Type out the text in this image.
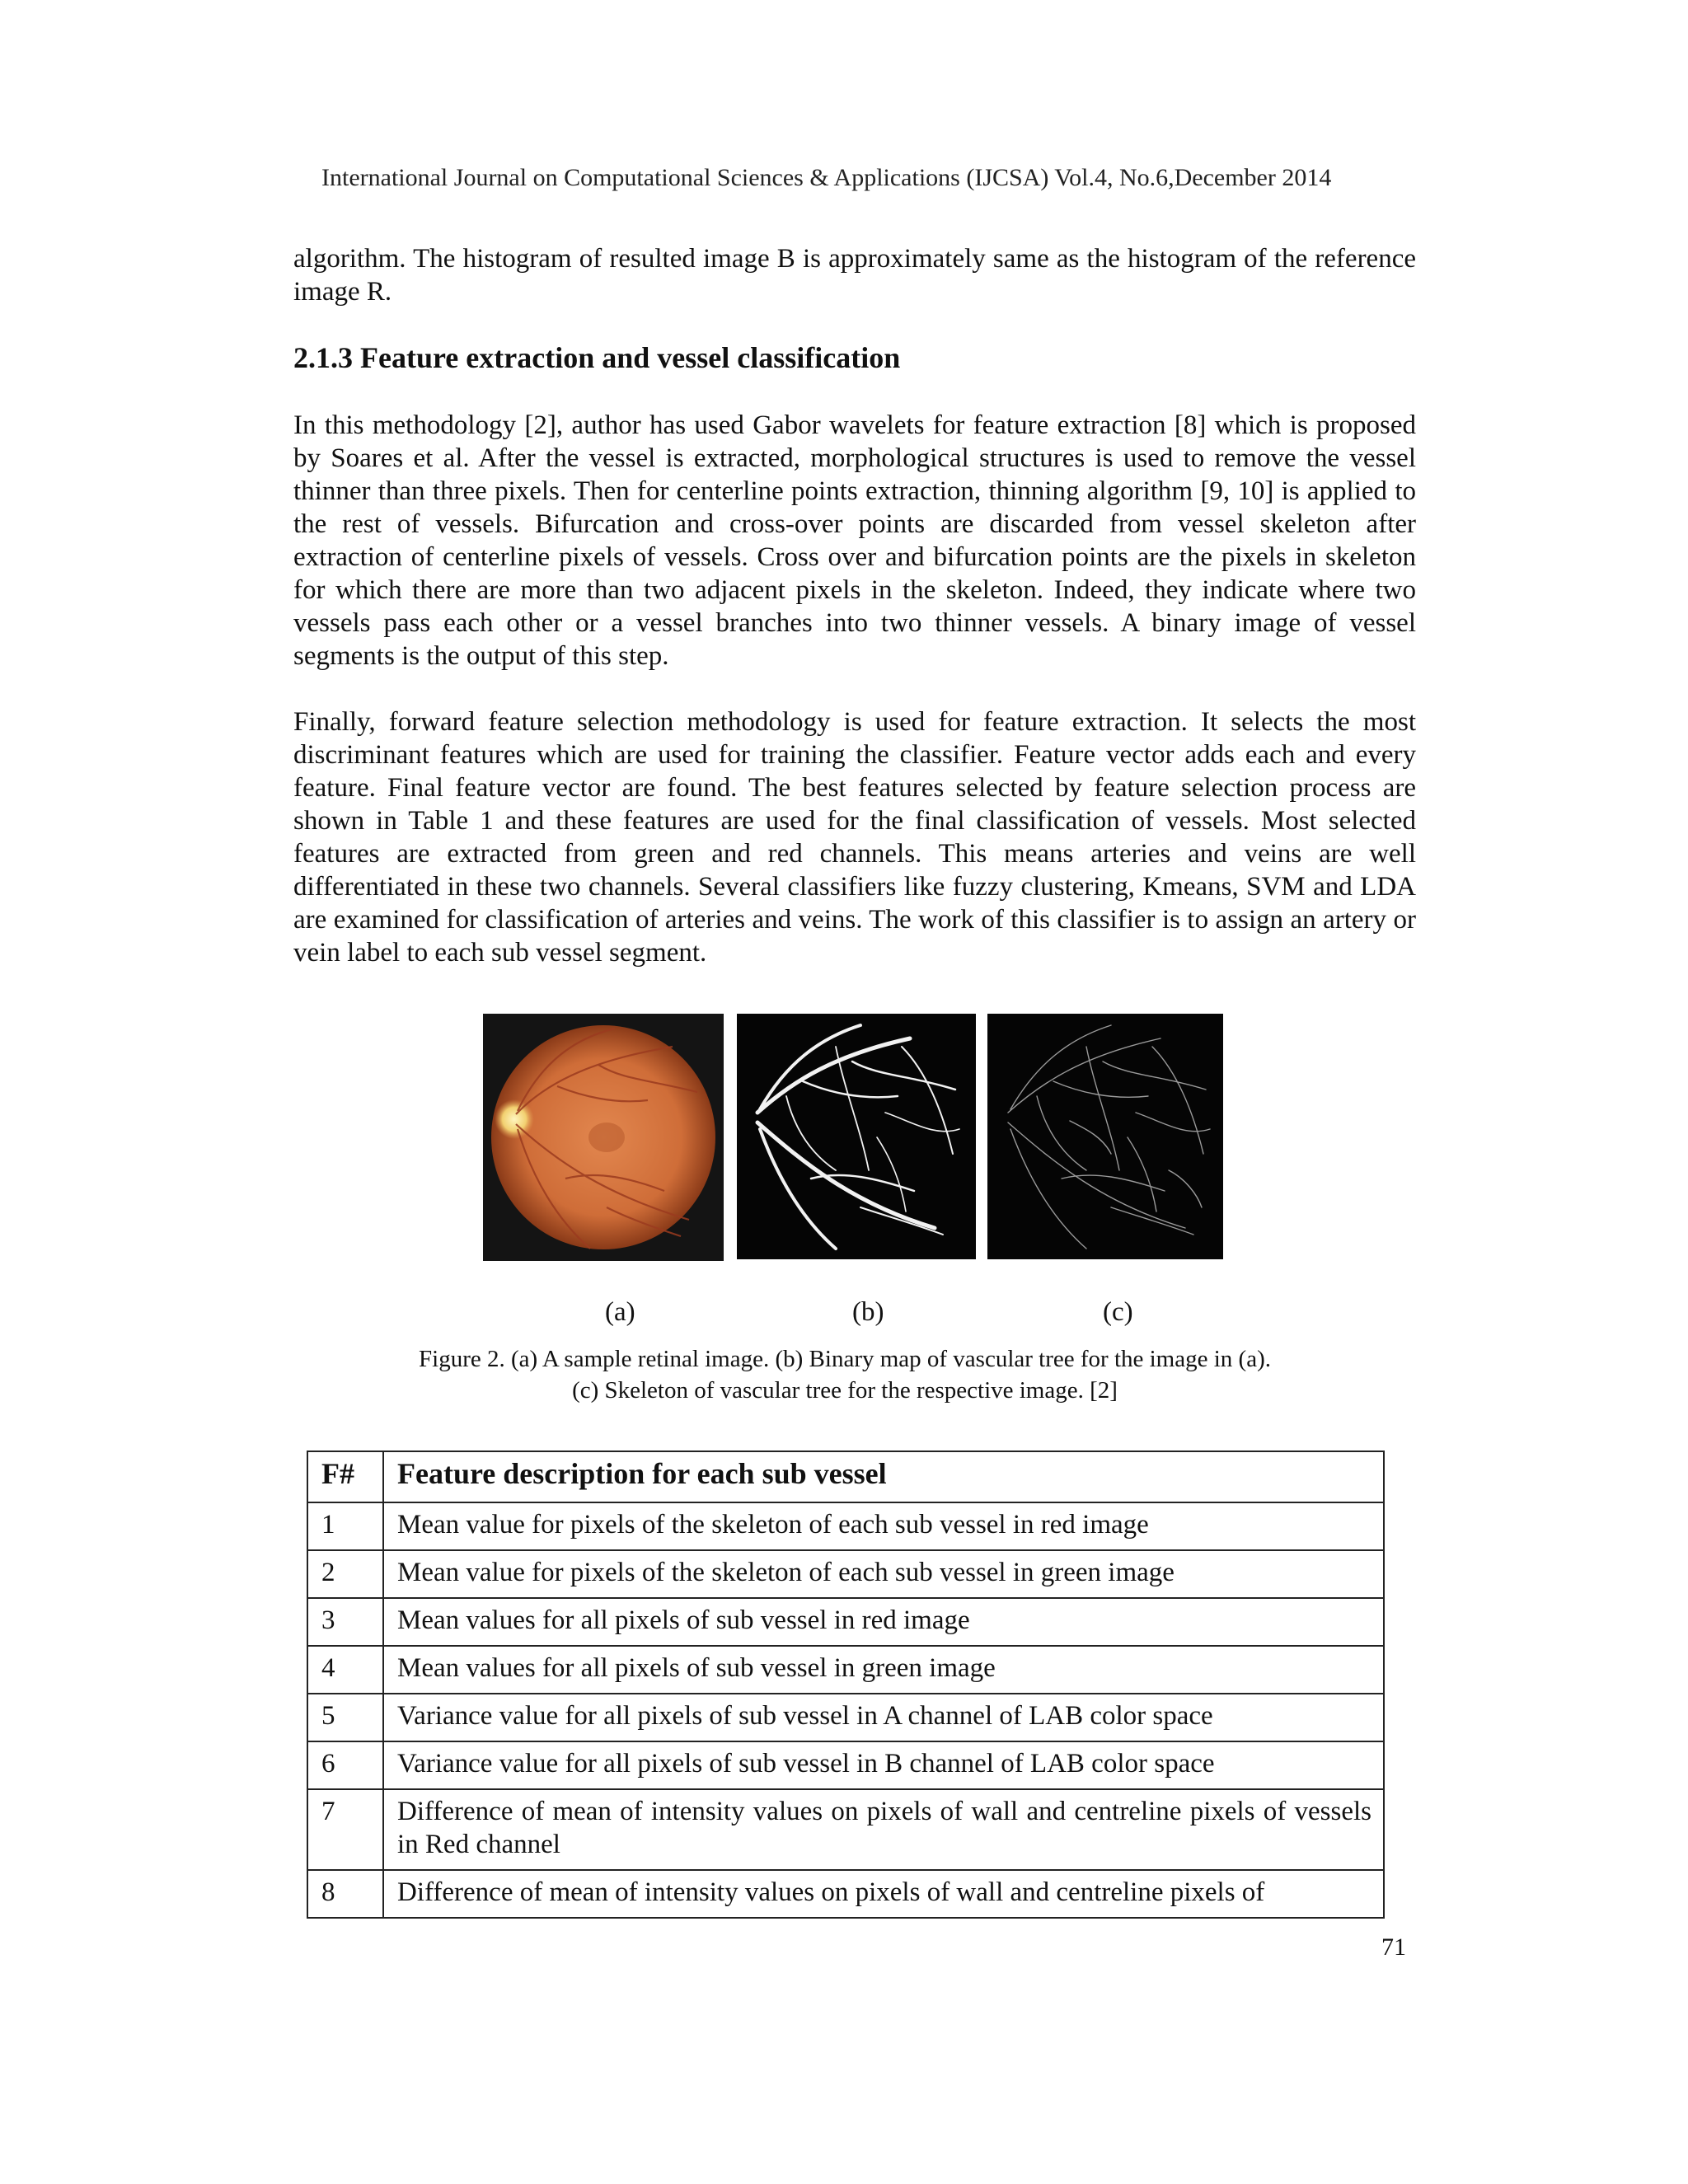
International Journal on Computational Sciences & Applications (IJCSA) Vol.4, No.6,December 2014

algorithm. The histogram of resulted image B is approximately same as the histogram of the reference image R.

2.1.3 Feature extraction and vessel classification

In this methodology [2], author has used Gabor wavelets for feature extraction [8] which is proposed by Soares et al. After the vessel is extracted, morphological structures is used to remove the vessel thinner than three pixels. Then for centerline points extraction, thinning algorithm [9, 10] is applied to the rest of vessels. Bifurcation and cross-over points are discarded from vessel skeleton after extraction of centerline pixels of vessels. Cross over and bifurcation points are the pixels in skeleton for which there are more than two adjacent pixels in the skeleton. Indeed, they indicate where two vessels pass each other or a vessel branches into two thinner vessels. A binary image of vessel segments is the output of this step.

Finally, forward feature selection methodology is used for feature extraction. It selects the most discriminant features which are used for training the classifier. Feature vector adds each and every feature. Final feature vector are found. The best features selected by feature selection process are shown in Table 1 and these features are used for the final classification of vessels. Most selected features are extracted from green and red channels. This means arteries and veins are well differentiated in these two channels. Several classifiers like fuzzy clustering, Kmeans, SVM and LDA are examined for classification of arteries and veins. The work of this classifier is to assign an artery or vein label to each sub vessel segment.

(a)	(b)	(c)
Figure 2. (a) A sample retinal image. (b) Binary map of vascular tree for the image in (a).
(c) Skeleton of vascular tree for the respective image. [2]
F#	Feature description for each sub vessel
1	Mean value for pixels of the skeleton of each sub vessel in red image
2	Mean value for pixels of the skeleton of each sub vessel in green image
3	Mean values for all pixels of sub vessel in red image
4	Mean values for all pixels of sub vessel in green image
5	Variance value for all pixels of sub vessel in A channel of LAB color space
6	Variance value for all pixels of sub vessel in B channel of LAB color space
7	Difference of mean of intensity values on pixels of wall and centreline pixels of vessels in Red channel
8	Difference of mean of intensity values on pixels of wall and centreline pixels of
71
